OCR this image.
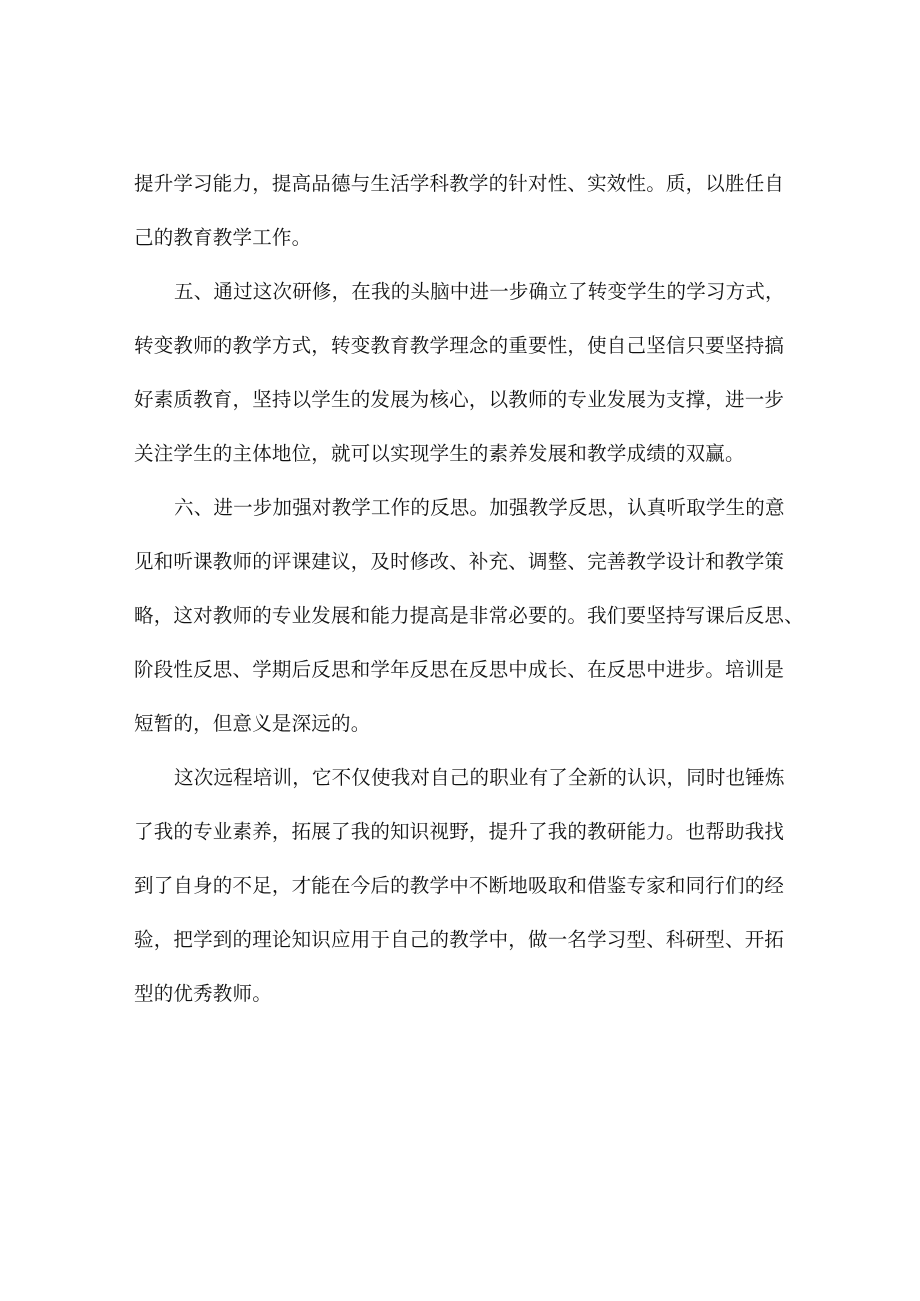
提升学习能力，提高品德与生活学科教学的针对性、实效性。质，以胜任自
己的教育教学工作。
五、通过这次研修，在我的头脑中进一步确立了转变学生的学习方式，
转变教师的教学方式，转变教育教学理念的重要性，使自己坚信只要坚持搞
好素质教育，坚持以学生的发展为核心，以教师的专业发展为支撑，进一步
关注学生的主体地位，就可以实现学生的素养发展和教学成绩的双赢。
六、进一步加强对教学工作的反思。加强教学反思，认真听取学生的意
见和听课教师的评课建议，及时修改、补充、调整、完善教学设计和教学策
略，这对教师的专业发展和能力提高是非常必要的。我们要坚持写课后反思、
阶段性反思、学期后反思和学年反思在反思中成长、在反思中进步。培训是
短暂的，但意义是深远的。
这次远程培训，它不仅使我对自己的职业有了全新的认识，同时也锤炼
了我的专业素养，拓展了我的知识视野，提升了我的教研能力。也帮助我找
到了自身的不足，才能在今后的教学中不断地吸取和借鉴专家和同行们的经
验，把学到的理论知识应用于自己的教学中，做一名学习型、科研型、开拓
型的优秀教师。
